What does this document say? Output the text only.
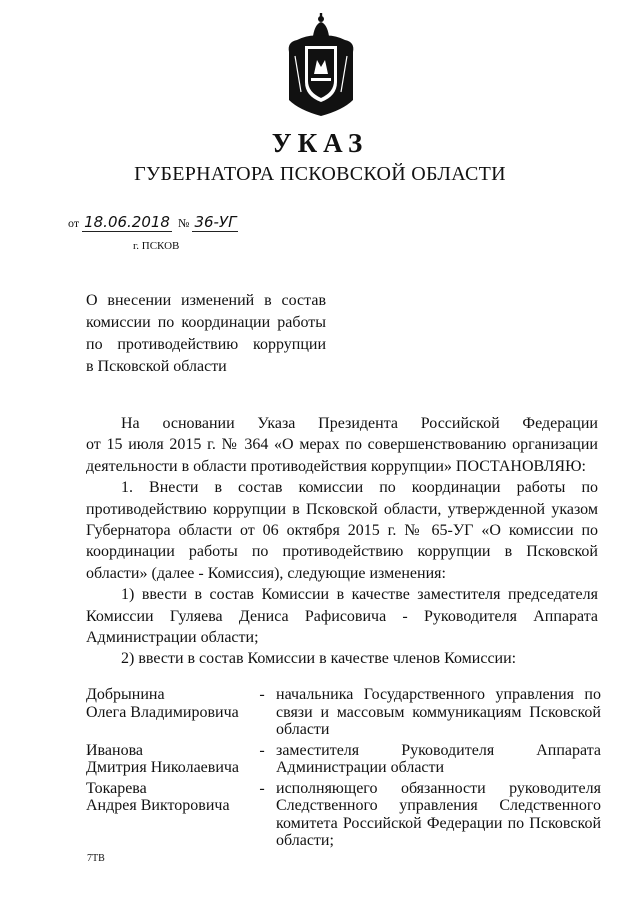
УКАЗ
ГУБЕРНАТОРА ПСКОВСКОЙ ОБЛАСТИ
от 18.06.2018 № 36-УГ
г. ПСКОВ
О внесении изменений в состав
комиссии по координации работы
по противодействию коррупции
в Псковской области
На основании Указа Президента Российской Федерации
от 15 июля 2015 г. № 364 «О мерах по совершенствованию организации
деятельности в области противодействия коррупции» ПОСТАНОВЛЯЮ:
1. Внести в состав комиссии по координации работы по
противодействию коррупции в Псковской области, утвержденной указом
Губернатора области от 06 октября 2015 г. № 65-УГ «О комиссии по
координации работы по противодействию коррупции в Псковской
области» (далее - Комиссия), следующие изменения:
1) ввести в состав Комиссии в качестве заместителя председателя
Комиссии Гуляева Дениса Рафисовича - Руководителя Аппарата
Администрации области;
2) ввести в состав Комиссии в качестве членов Комиссии:
Добрынина
Олега Владимировича
- начальника Государственного управления по
связи и массовым коммуникациям Псковской
области
Иванова
Дмитрия Николаевича
- заместителя Руководителя Аппарата
Администрации области
Токарева
Андрея Викторовича
- исполняющего обязанности руководителя
Следственного управления Следственного
комитета Российской Федерации по Псковской
области;
7ТВ
